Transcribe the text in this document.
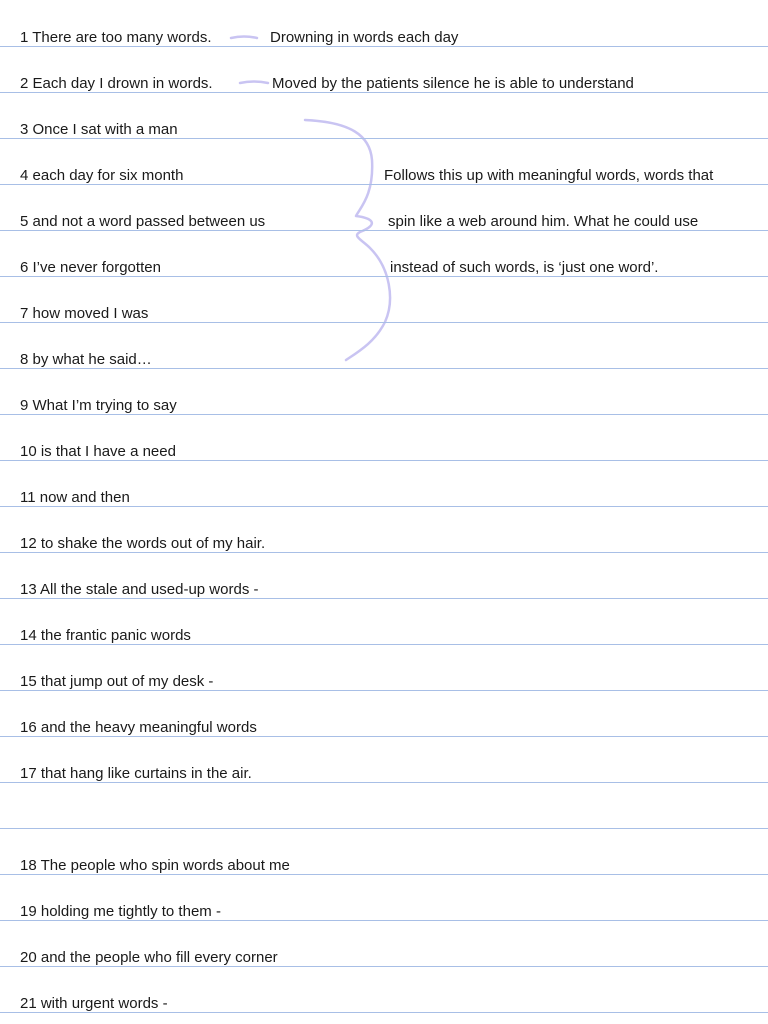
1 There are too many words.
2 Each day I drown in words.
3 Once I sat with a man
4 each day for six month
5 and not a word passed between us
6 I’ve never forgotten
7 how moved I was
8 by what he said…
9 What I’m trying to say
10 is that I have a need
11 now and then
12 to shake the words out of my hair.
13 All the stale and used-up words -
14 the frantic panic words
15 that jump out of my desk -
16 and the heavy meaningful words
17 that hang like curtains in the air.
18 The people who spin words about me
19 holding me tightly to them -
20 and the people who fill every corner
21 with urgent words -
Drowning in words each day
Moved by the patients silence he is able to understand
Follows this up with meaningful words, words that
spin like a web around him. What he could use
instead of such words, is ‘just one word’.
